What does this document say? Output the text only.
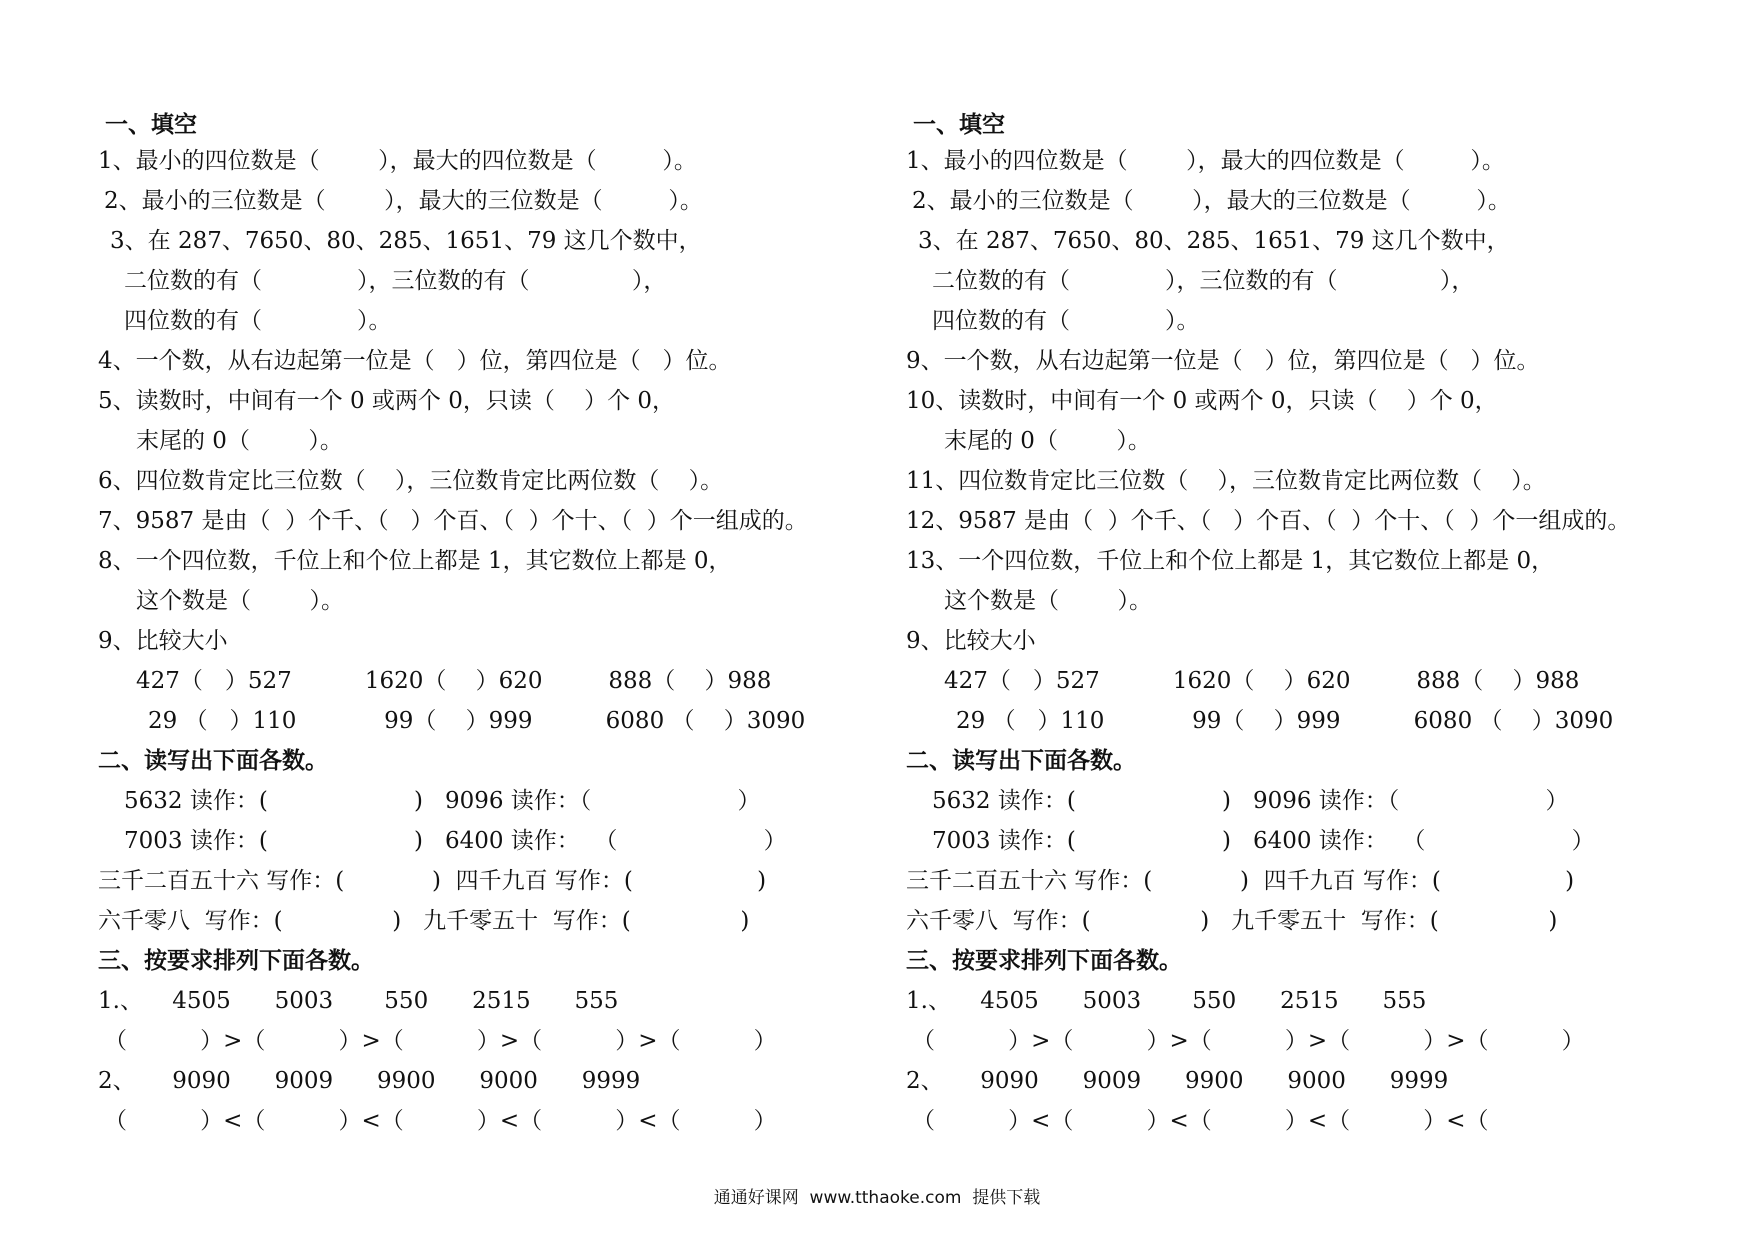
一、填空
1、最小的四位数是（        ），最大的四位数是（         ）。
2、最小的三位数是（        ），最大的三位数是（         ）。
3、在 287、7650、80、285、1651、79 这几个数中，
二位数的有（             ），三位数的有（              ），
四位数的有（             ）。
4、一个数，从右边起第一位是（   ）位，第四位是（   ）位。
5、读数时，中间有一个 0 或两个 0，只读（    ）个 0，
末尾的 0（        ）。
6、四位数肯定比三位数（    ），三位数肯定比两位数（    ）。
7、9587 是由（  ）个千、（   ）个百、（  ）个十、（  ）个一组成的。
8、一个四位数，千位上和个位上都是 1，其它数位上都是 0，
这个数是（        ）。
9、比较大小
427（   ）527          1620（    ）620         888（    ）988
29 （   ）110            99（    ）999          6080 （    ）3090
二、读写出下面各数。
5632 读作：(                    )   9096 读作：（                    ）
7003 读作：(                    )   6400 读作：  （                    ）
三千二百五十六 写作：(            )  四千九百 写作：(                 )
六千零八  写作：(               )   九千零五十  写作：(               )
三、按要求排列下面各数。
1.、    4505      5003       550      2515      555
（          ）>（          ）>（          ）>（          ）>（          ）
2、     9090      9009      9900      9000      9999
（          ）<（          ）<（          ）<（          ）<（          ）
一、填空
1、最小的四位数是（        ），最大的四位数是（         ）。
2、最小的三位数是（        ），最大的三位数是（         ）。
3、在 287、7650、80、285、1651、79 这几个数中，
二位数的有（             ），三位数的有（              ），
四位数的有（             ）。
9、一个数，从右边起第一位是（   ）位，第四位是（   ）位。
10、读数时，中间有一个 0 或两个 0，只读（    ）个 0，
末尾的 0（        ）。
11、四位数肯定比三位数（    ），三位数肯定比两位数（    ）。
12、9587 是由（  ）个千、（   ）个百、（  ）个十、（  ）个一组成的。
13、一个四位数，千位上和个位上都是 1，其它数位上都是 0，
这个数是（        ）。
9、比较大小
427（   ）527          1620（    ）620         888（    ）988
29 （   ）110            99（    ）999          6080 （    ）3090
二、读写出下面各数。
5632 读作：(                    )   9096 读作：（                    ）
7003 读作：(                    )   6400 读作：  （                    ）
三千二百五十六 写作：(            )  四千九百 写作：(                 )
六千零八  写作：(               )   九千零五十  写作：(               )
三、按要求排列下面各数。
1.、    4505      5003       550      2515      555
（          ）>（          ）>（          ）>（          ）>（          ）
2、     9090      9009      9900      9000      9999
（          ）<（          ）<（          ）<（          ）<（
通通好课网  www.tthaoke.com  提供下载
